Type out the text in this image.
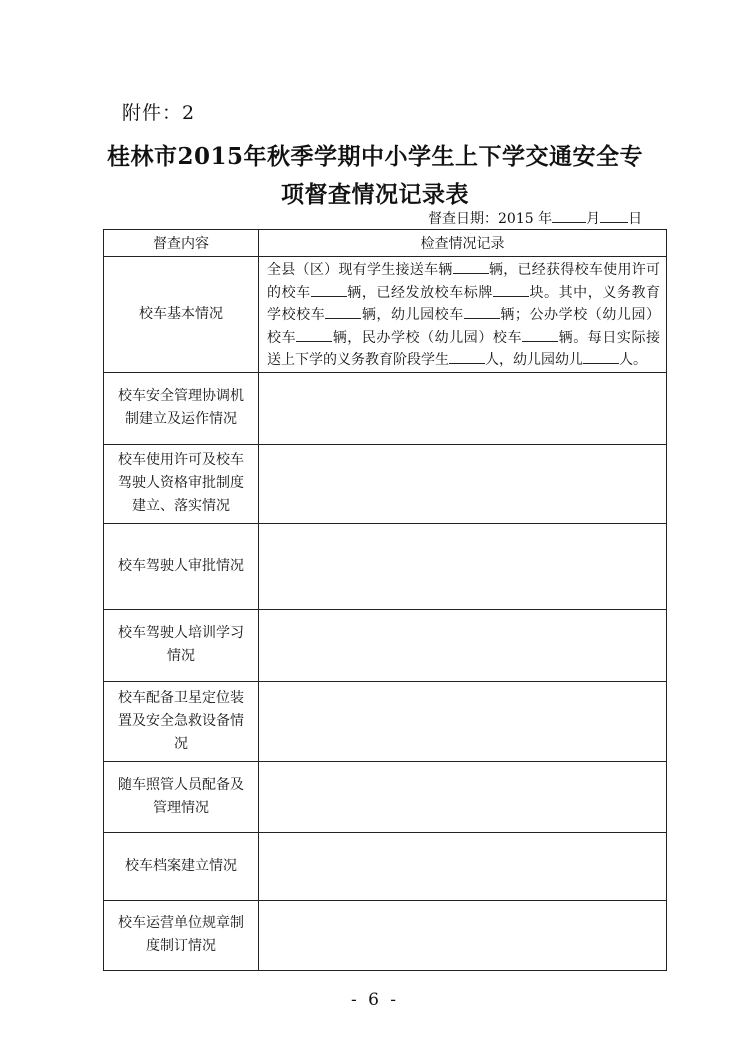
附件：2
桂林市2015年秋季学期中小学生上下学交通安全专
项督查情况记录表
督查日期：2015 年 月 日
督查内容	检查情况记录
校车基本情况	全县（区）现有学生接送车辆 辆，已经获得校车使用许可的校车 辆，已经发放校车标牌 块。其中，义务教育学校校车 辆，幼儿园校车 辆；公办学校（幼儿园）校车 辆，民办学校（幼儿园）校车 辆。每日实际接送上下学的义务教育阶段学生 人，幼儿园幼儿 人。
校车安全管理协调机制建立及运作情况	
校车使用许可及校车驾驶人资格审批制度建立、落实情况	
校车驾驶人审批情况	
校车驾驶人培训学习情况	
校车配备卫星定位装置及安全急救设备情况	
随车照管人员配备及管理情况	
校车档案建立情况	
校车运营单位规章制度制订情况	
- 6 -
